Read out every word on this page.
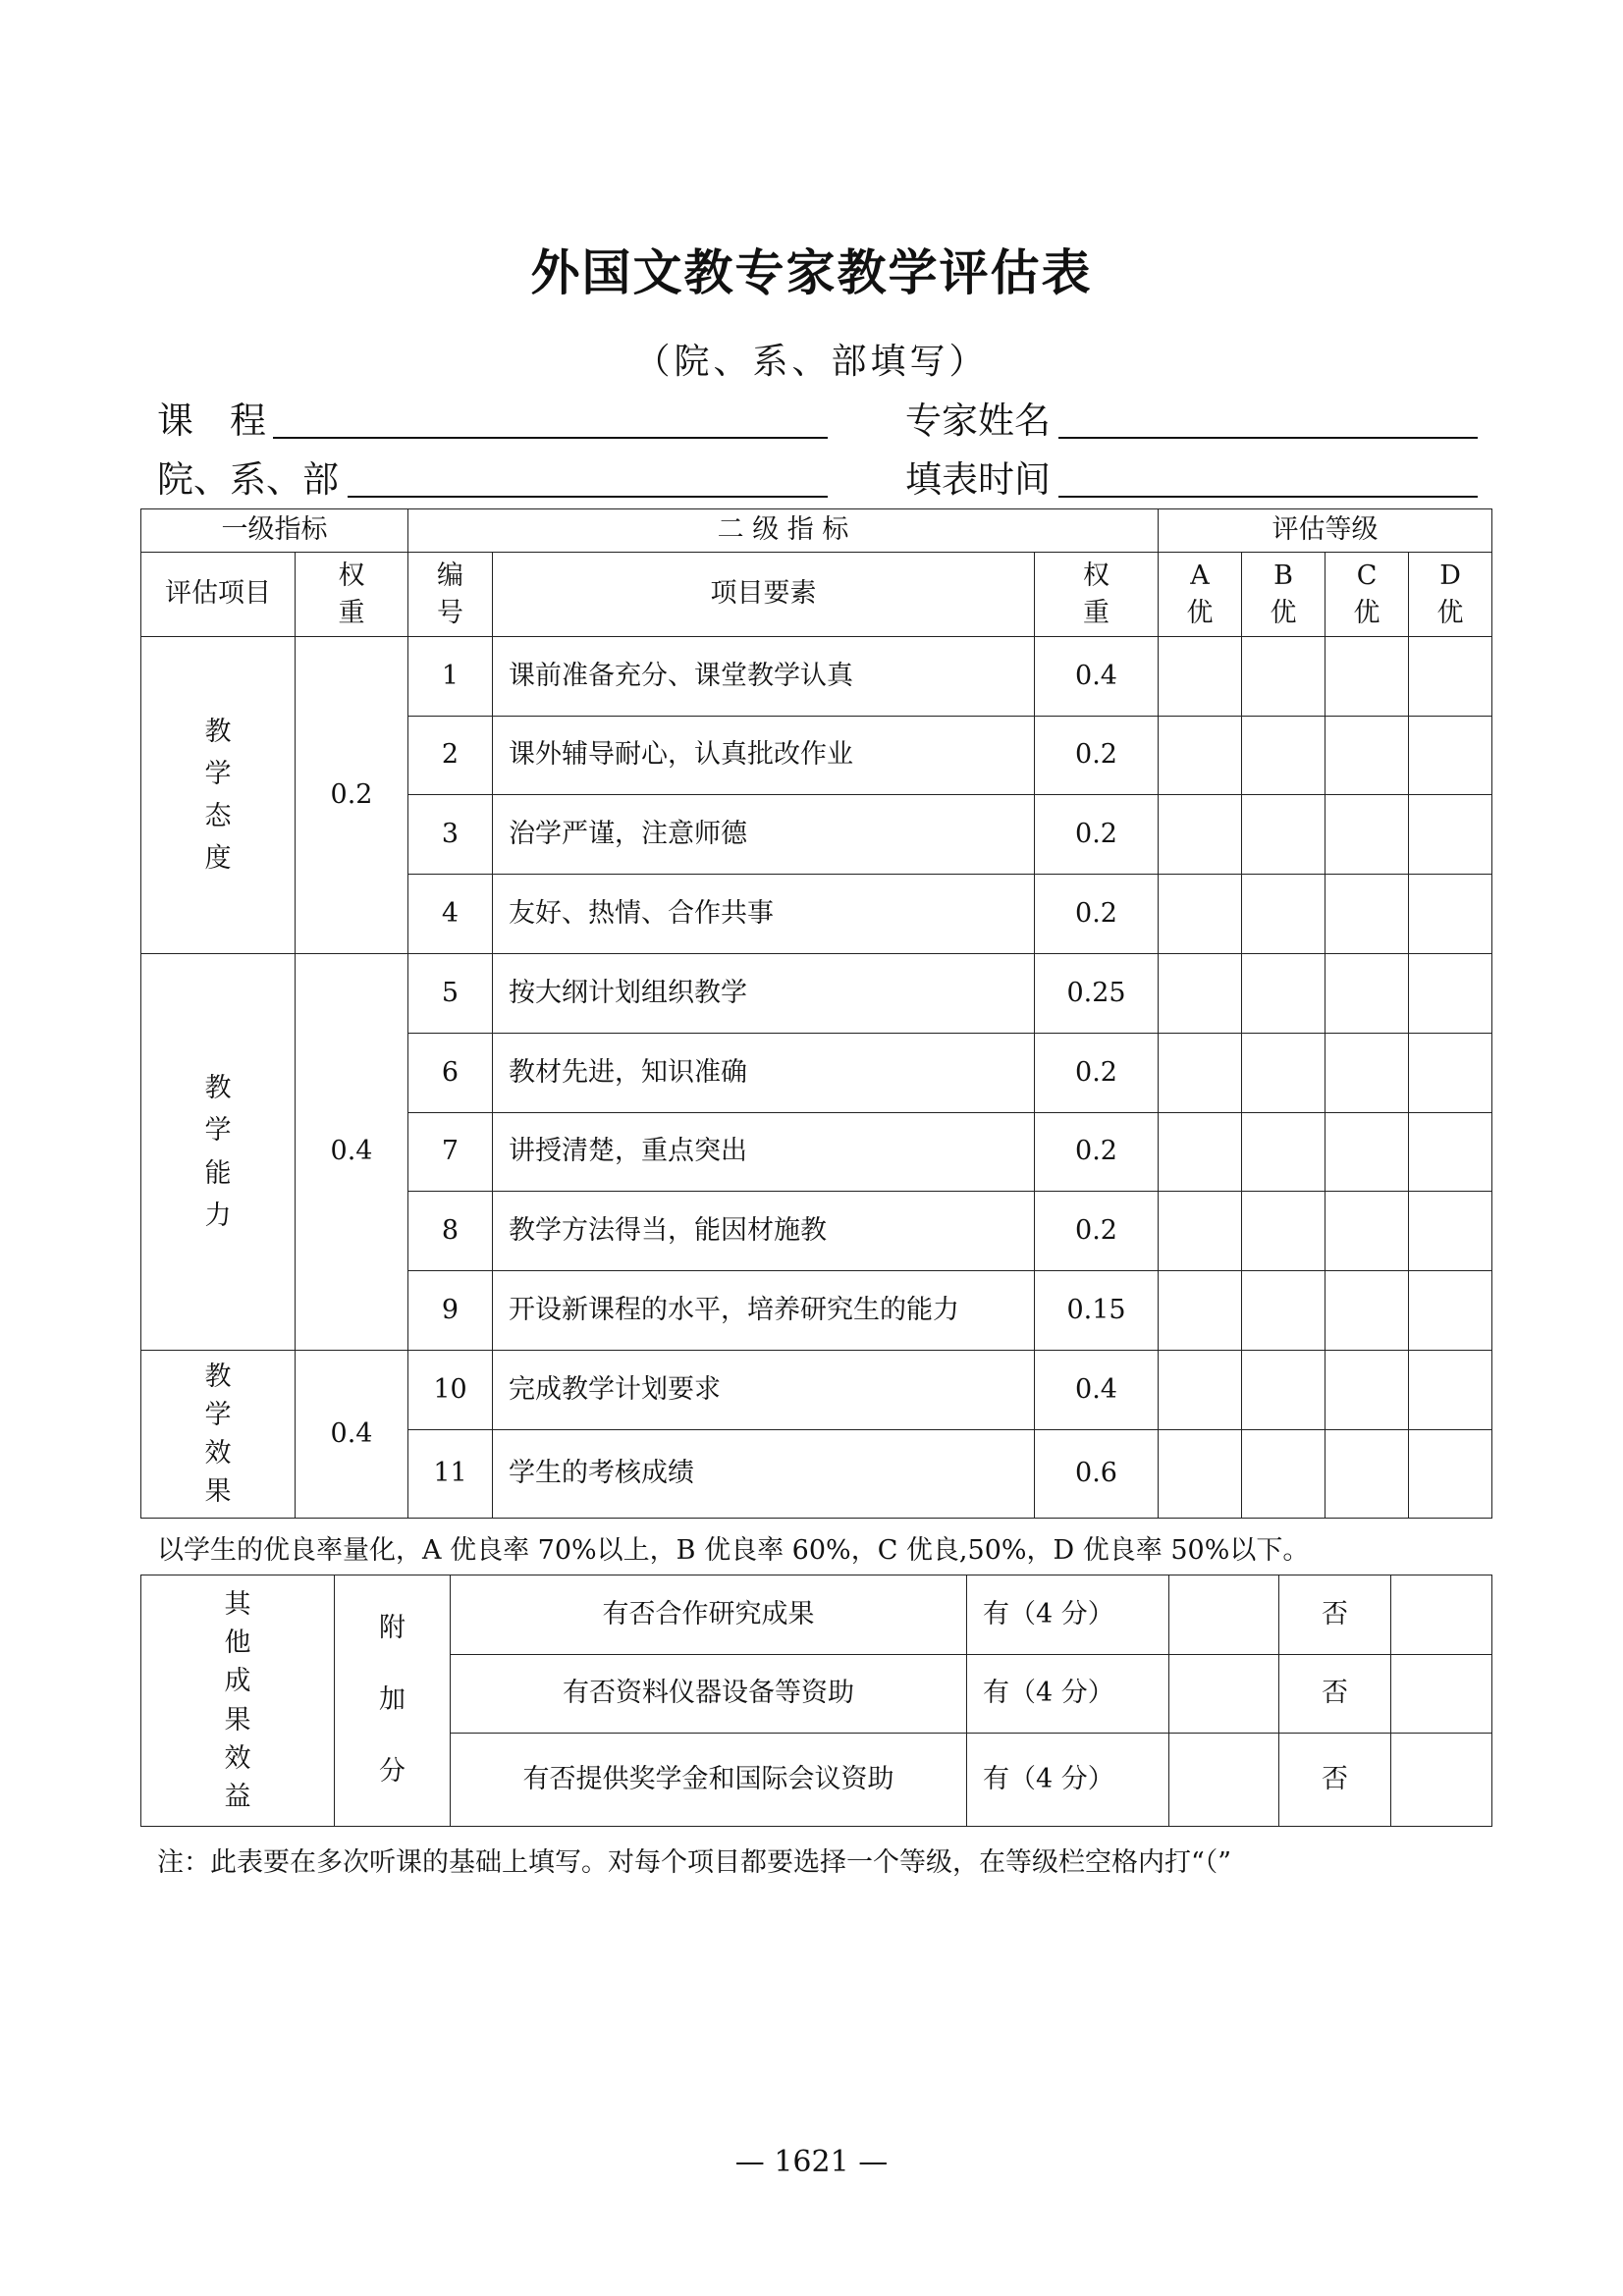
外国文教专家教学评估表
（院、系、部填写）
课　程	专家姓名
院、系、部	填表时间
一级指标		二 级 指 标			评估等级			
评估项目	权重	编号	项目要素	权重	A优	B优	C优	D优
教学态度	0.2	1	课前准备充分、课堂教学认真	0.4				
		2	课外辅导耐心，认真批改作业	0.2				
		3	治学严谨，注意师德	0.2				
		4	友好、热情、合作共事	0.2				
教学能力	0.4	5	按大纲计划组织教学	0.25				
		6	教材先进，知识准确	0.2				
		7	讲授清楚，重点突出	0.2				
		8	教学方法得当，能因材施教	0.2				
		9	开设新课程的水平，培养研究生的能力	0.15				
教学效果	0.4	10	完成教学计划要求	0.4				
		11	学生的考核成绩	0.6				
以学生的优良率量化，A 优良率 70%以上，B 优良率 60%，C 优良,50%，D 优良率 50%以下。
其他成果效益	附加分	有否合作研究成果	有（4 分）		否	
		有否资料仪器设备等资助	有（4 分）		否	
		有否提供奖学金和国际会议资助	有（4 分）		否	
注：此表要在多次听课的基础上填写。对每个项目都要选择一个等级，在等级栏空格内打“（”
— 1621 —
